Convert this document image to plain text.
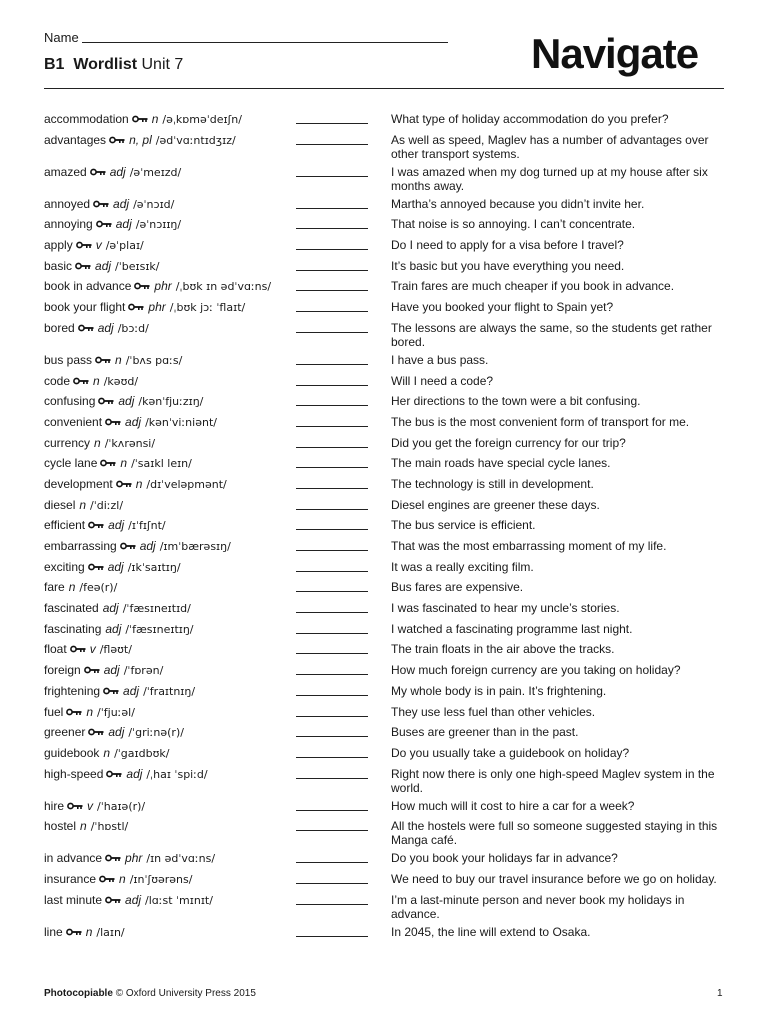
Name
B1 Wordlist Unit 7	Navigate
accommodation n /əˌkɒməˈdeɪʃn/	What type of holiday accommodation do you prefer?
advantages n, pl /ədˈvɑːntɪdʒɪz/	As well as speed, Maglev has a number of advantages over other transport systems.
amazed adj /əˈmeɪzd/	I was amazed when my dog turned up at my house after six months away.
annoyed adj /əˈnɔɪd/	Martha’s annoyed because you didn’t invite her.
annoying adj /əˈnɔɪɪŋ/	That noise is so annoying. I can’t concentrate.
apply v /əˈplaɪ/	Do I need to apply for a visa before I travel?
basic adj /ˈbeɪsɪk/	It’s basic but you have everything you need.
book in advance phr /ˌbʊk ɪn ədˈvɑːns/	Train fares are much cheaper if you book in advance.
book your flight phr /ˌbʊk jɔː ˈflaɪt/	Have you booked your flight to Spain yet?
bored adj /bɔːd/	The lessons are always the same, so the students get rather bored.
bus pass n /ˈbʌs pɑːs/	I have a bus pass.
code n /kəʊd/	Will I need a code?
confusing adj /kənˈfjuːzɪŋ/	Her directions to the town were a bit confusing.
convenient adj /kənˈviːniənt/	The bus is the most convenient form of transport for me.
currency n /ˈkʌrənsi/	Did you get the foreign currency for our trip?
cycle lane n /ˈsaɪkl leɪn/	The main roads have special cycle lanes.
development n /dɪˈveləpmənt/	The technology is still in development.
diesel n /ˈdiːzl/	Diesel engines are greener these days.
efficient adj /ɪˈfɪʃnt/	The bus service is efficient.
embarrassing adj /ɪmˈbærəsɪŋ/	That was the most embarrassing moment of my life.
exciting adj /ɪkˈsaɪtɪŋ/	It was a really exciting film.
fare n /feə(r)/	Bus fares are expensive.
fascinated adj /ˈfæsɪneɪtɪd/	I was fascinated to hear my uncle’s stories.
fascinating adj /ˈfæsɪneɪtɪŋ/	I watched a fascinating programme last night.
float v /fləʊt/	The train floats in the air above the tracks.
foreign adj /ˈfɒrən/	How much foreign currency are you taking on holiday?
frightening adj /ˈfraɪtnɪŋ/	My whole body is in pain. It’s frightening.
fuel n /ˈfjuːəl/	They use less fuel than other vehicles.
greener adj /ˈgriːnə(r)/	Buses are greener than in the past.
guidebook n /ˈgaɪdbʊk/	Do you usually take a guidebook on holiday?
high-speed adj /ˌhaɪ ˈspiːd/	Right now there is only one high-speed Maglev system in the world.
hire v /ˈhaɪə(r)/	How much will it cost to hire a car for a week?
hostel n /ˈhɒstl/	All the hostels were full so someone suggested staying in this Manga café.
in advance phr /ɪn ədˈvɑːns/	Do you book your holidays far in advance?
insurance n /ɪnˈʃʊərəns/	We need to buy our travel insurance before we go on holiday.
last minute adj /lɑːst ˈmɪnɪt/	I’m a last-minute person and never book my holidays in advance.
line n /laɪn/	In 2045, the line will extend to Osaka.
Photocopiable © Oxford University Press 2015	1
